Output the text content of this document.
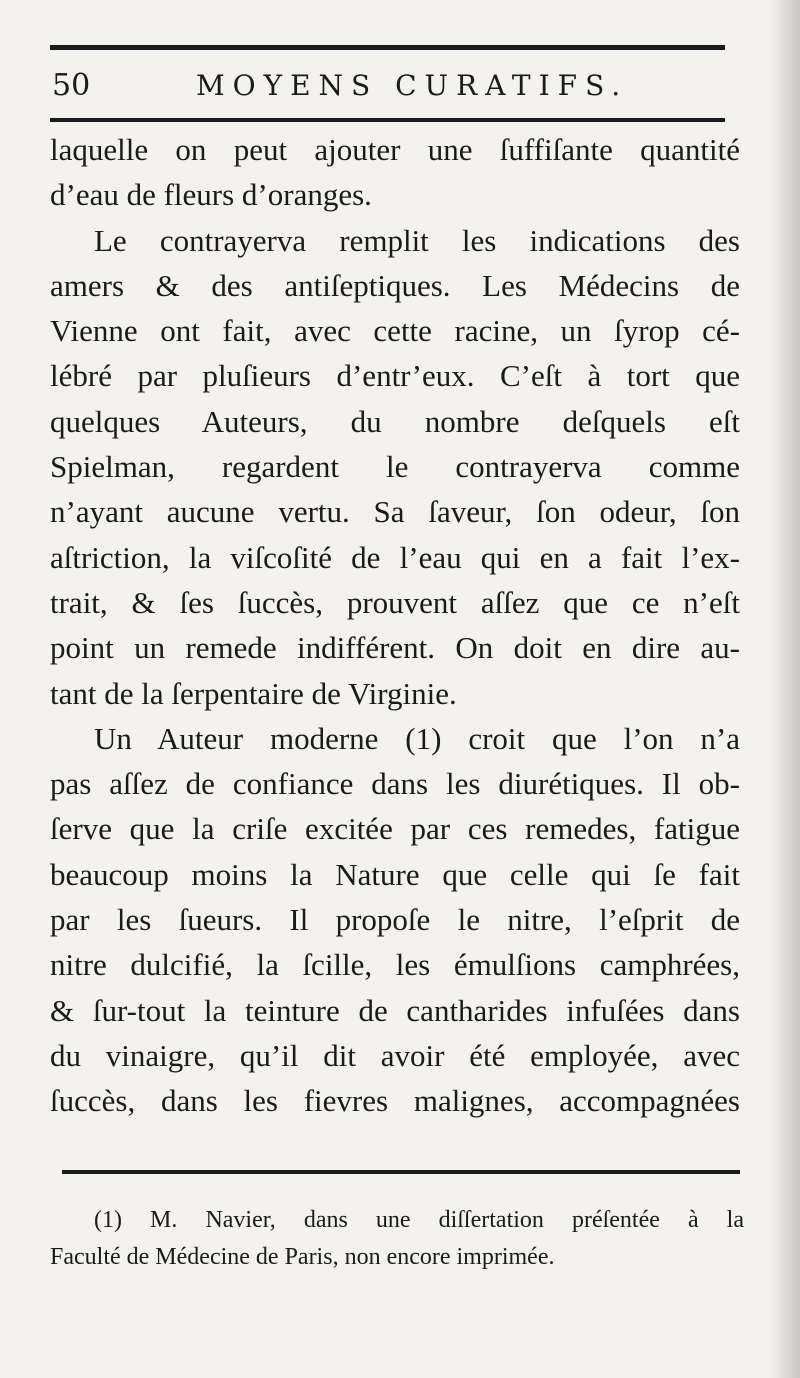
50	MOYENS CURATIFS.

laquelle on peut ajouter une ſuffiſante quantité
d’eau de fleurs d’oranges.
Le contrayerva remplit les indications des
amers & des antiſeptiques. Les Médecins de
Vienne ont fait, avec cette racine, un ſyrop cé-
lébré par pluſieurs d’entr’eux. C’eſt à tort que
quelques Auteurs, du nombre deſquels eſt
Spielman, regardent le contrayerva comme
n’ayant aucune vertu. Sa ſaveur, ſon odeur, ſon
aſtriction, la viſcoſité de l’eau qui en a fait l’ex-
trait, & ſes ſuccès, prouvent aſſez que ce n’eſt
point un remede indifférent. On doit en dire au-
tant de la ſerpentaire de Virginie.
Un Auteur moderne (1) croit que l’on n’a
pas aſſez de confiance dans les diurétiques. Il ob-
ſerve que la criſe excitée par ces remedes, fatigue
beaucoup moins la Nature que celle qui ſe fait
par les ſueurs. Il propoſe le nitre, l’eſprit de
nitre dulcifié, la ſcille, les émulſions camphrées,
& ſur-tout la teinture de cantharides infuſées dans
du vinaigre, qu’il dit avoir été employée, avec
ſuccès, dans les fievres malignes, accompagnées
(1) M. Navier, dans une diſſertation préſentée à la
Faculté de Médecine de Paris, non encore imprimée.
